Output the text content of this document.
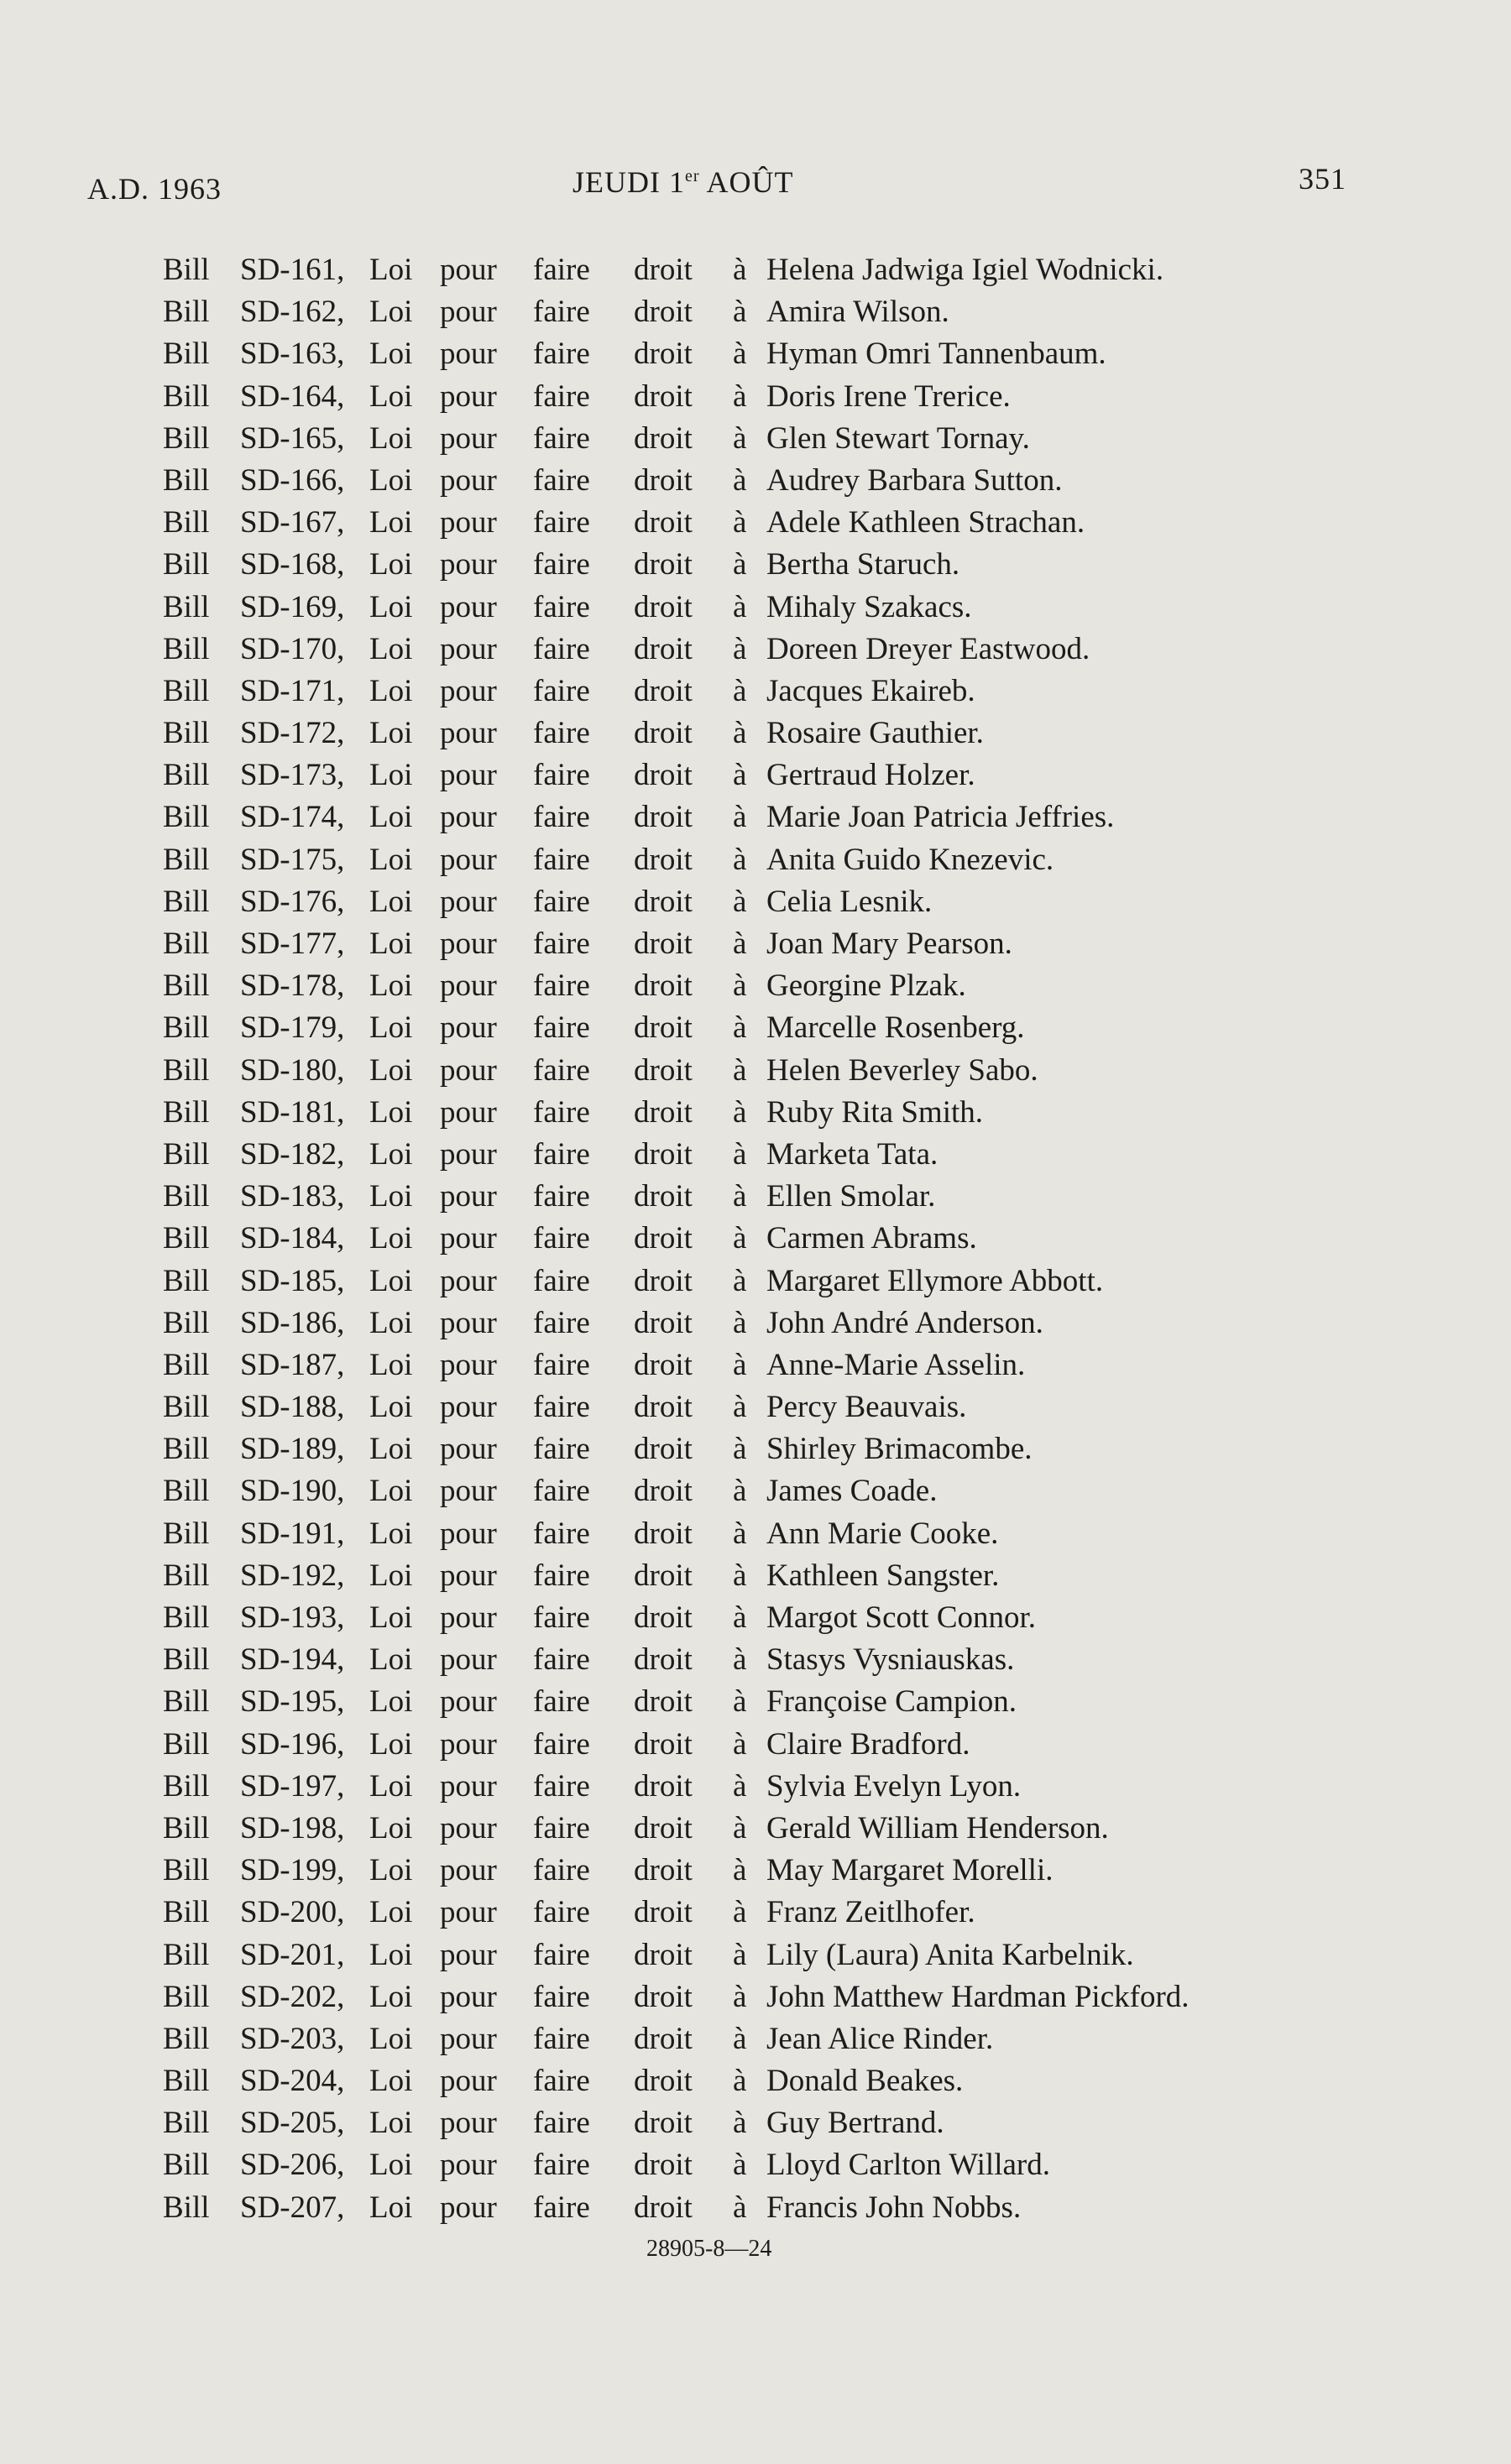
A.D. 1963	JEUDI 1er AOÛT	351
Bill SD-161, Loi pour	faire	droit	à Helena Jadwiga Igiel Wodnicki.
Bill SD-162, Loi pour	faire	droit	à Amira Wilson.
Bill SD-163, Loi pour	faire	droit	à Hyman Omri Tannenbaum.
Bill SD-164, Loi pour	faire	droit	à Doris Irene Trerice.
Bill SD-165, Loi pour	faire	droit	à Glen Stewart Tornay.
Bill SD-166, Loi pour	faire	droit	à Audrey Barbara Sutton.
Bill SD-167, Loi pour	faire	droit	à Adele Kathleen Strachan.
Bill SD-168, Loi pour	faire	droit	à Bertha Staruch.
Bill SD-169, Loi pour	faire	droit	à Mihaly Szakacs.
Bill SD-170, Loi pour	faire	droit	à Doreen Dreyer Eastwood.
Bill SD-171, Loi pour	faire	droit	à Jacques Ekaireb.
Bill SD-172, Loi pour	faire	droit	à Rosaire Gauthier.
Bill SD-173, Loi pour	faire	droit	à Gertraud Holzer.
Bill SD-174, Loi pour	faire	droit	à Marie Joan Patricia Jeffries.
Bill SD-175, Loi pour	faire	droit	à Anita Guido Knezevic.
Bill SD-176, Loi pour	faire	droit	à Celia Lesnik.
Bill SD-177, Loi pour	faire	droit	à Joan Mary Pearson.
Bill SD-178, Loi pour	faire	droit	à Georgine Plzak.
Bill SD-179, Loi pour	faire	droit	à Marcelle Rosenberg.
Bill SD-180, Loi pour	faire	droit	à Helen Beverley Sabo.
Bill SD-181, Loi pour	faire	droit	à Ruby Rita Smith.
Bill SD-182, Loi pour	faire	droit	à Marketa Tata.
Bill SD-183, Loi pour	faire	droit	à Ellen Smolar.
Bill SD-184, Loi pour	faire	droit	à Carmen Abrams.
Bill SD-185, Loi pour	faire	droit	à Margaret Ellymore Abbott.
Bill SD-186, Loi pour	faire	droit	à John André Anderson.
Bill SD-187, Loi pour	faire	droit	à Anne-Marie Asselin.
Bill SD-188, Loi pour	faire	droit	à Percy Beauvais.
Bill SD-189, Loi pour	faire	droit	à Shirley Brimacombe.
Bill SD-190, Loi pour	faire	droit	à James Coade.
Bill SD-191, Loi pour	faire	droit	à Ann Marie Cooke.
Bill SD-192, Loi pour	faire	droit	à Kathleen Sangster.
Bill SD-193, Loi pour	faire	droit	à Margot Scott Connor.
Bill SD-194, Loi pour	faire	droit	à Stasys Vysniauskas.
Bill SD-195, Loi pour	faire	droit	à Françoise Campion.
Bill SD-196, Loi pour	faire	droit	à Claire Bradford.
Bill SD-197, Loi pour	faire	droit	à Sylvia Evelyn Lyon.
Bill SD-198, Loi pour	faire	droit	à Gerald William Henderson.
Bill SD-199, Loi pour	faire	droit	à May Margaret Morelli.
Bill SD-200, Loi pour	faire	droit	à Franz Zeitlhofer.
Bill SD-201, Loi pour	faire	droit	à Lily (Laura) Anita Karbelnik.
Bill SD-202, Loi pour	faire	droit	à John Matthew Hardman Pickford.
Bill SD-203, Loi pour	faire	droit	à Jean Alice Rinder.
Bill SD-204, Loi pour	faire	droit	à Donald Beakes.
Bill SD-205, Loi pour	faire	droit	à Guy Bertrand.
Bill SD-206, Loi pour	faire	droit	à Lloyd Carlton Willard.
Bill SD-207, Loi pour	faire	droit	à Francis John Nobbs.
28905-8—24
